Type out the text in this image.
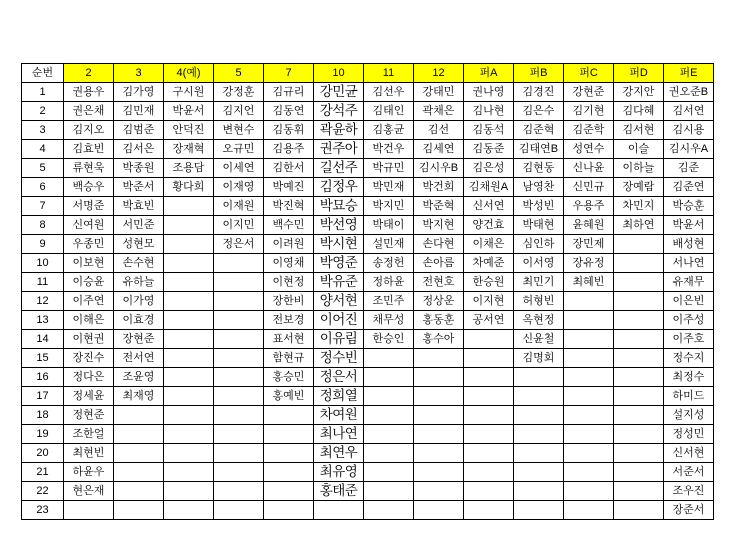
순번	2	3	4(예)	5	7	10	11	12	퍼A	퍼B	퍼C	퍼D	퍼E
1	권용우	김가영	구시원	강정훈	김규리	강민균	김선우	강태민	권나영	김경진	강현준	강지안	권오준B
2	권은채	김민재	박윤서	김지언	김동연	강석주	김태인	곽채은	김나현	김은수	김기현	김다혜	김서연
3	김지오	김범준	안덕진	변현수	김동휘	곽윤하	김홍균	김선	김동석	김준혁	김준학	김서현	김시용
4	김효빈	김서은	장재혁	오규민	김용주	권주아	박건우	김세연	김동준	김태연B	성연수	이슬	김시우A
5	류현욱	박종원	조용담	이세연	김한서	길선주	박규민	김시우B	김은성	김현동	신나윤	이하늘	김준
6	백승우	박준서	황다희	이재영	박예진	김정우	박민재	박건희	김채원A	남영찬	신민규	장예람	김준연
7	서명준	박효빈		이재원	박진혁	박묘승	박지민	박준혁	신서연	박성빈	우용주	차민지	박승훈
8	신여원	서민준		이지민	백수민	박선영	박태이	박지현	양건효	박태현	윤혜원	최하연	박윤서
9	우종민	성현모		정은서	이려원	박시현	설민재	손다현	이채은	심인하	장민제		배성현
10	이보현	손수현			이영채	박영준	송정헌	손아름	차예준	이서영	장유정		서나연
11	이승윤	유하늘			이현정	박유준	정하윤	전현호	한승원	최민기	최혜빈		유재무
12	이주연	이가영			장한비	양서현	조민주	정상운	이지현	허형빈			이은빈
13	이해은	이효경			전보경	이어진	채무성	홍동훈	공서연	옥현정			이주성
14	이현권	장현준			표서현	이유림	한승인	홍수아		신윤철			이주호
15	장진수	전서연			함현규	정수빈				김명회			정수지
16	정다은	조윤영			홍승민	정은서							최정수
17	정세윤	최재영			홍예빈	정희열							하미드
18	정현준					차여원							설지성
19	조한얼					최나연							정성민
20	최현빈					최연우							신서현
21	하윤우					최유영							서준서
22	현은재					홍태준							조우진
23													장준서
